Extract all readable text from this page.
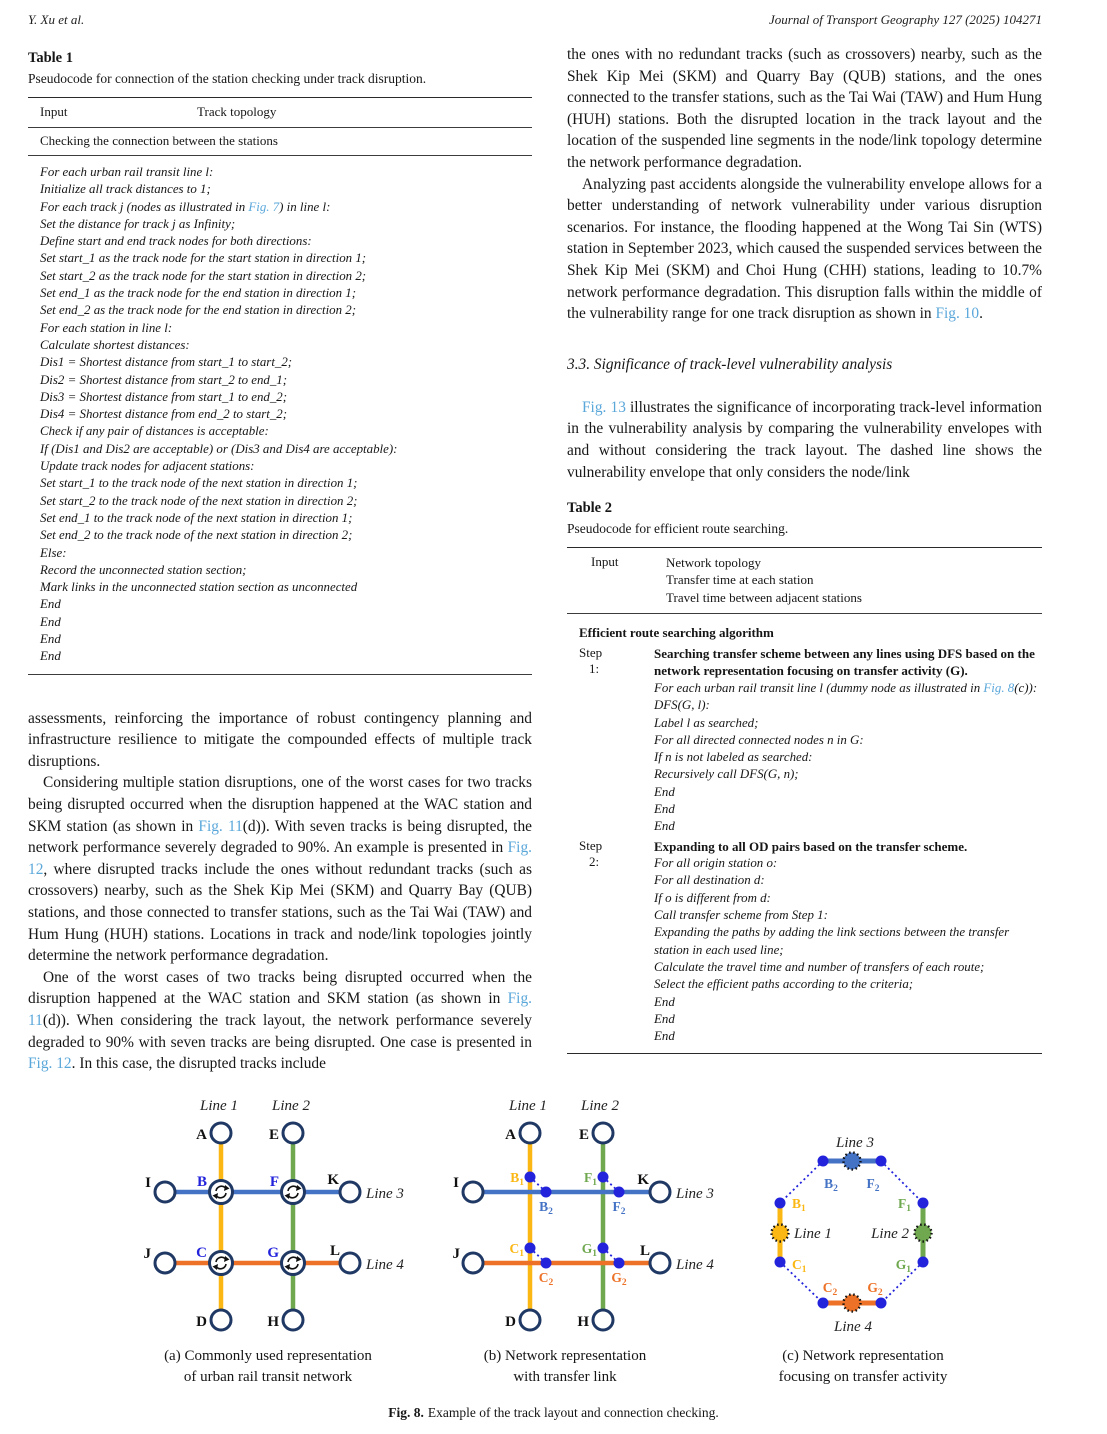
Y. Xu et al.	Journal of Transport Geography 127 (2025) 104271
Table 1
Pseudocode for connection of the station checking under track disruption.
Input	Track topology
Checking the connection between the stations
For each urban rail transit line l:
Initialize all track distances to 1;
For each track j (nodes as illustrated in Fig. 7) in line l:
Set the distance for track j as Infinity;
Define start and end track nodes for both directions:
Set start_1 as the track node for the start station in direction 1;
Set start_2 as the track node for the start station in direction 2;
Set end_1 as the track node for the end station in direction 1;
Set end_2 as the track node for the end station in direction 2;
For each station in line l:
Calculate shortest distances:
Dis1 = Shortest distance from start_1 to start_2;
Dis2 = Shortest distance from start_2 to end_1;
Dis3 = Shortest distance from start_1 to end_2;
Dis4 = Shortest distance from end_2 to start_2;
Check if any pair of distances is acceptable:
If (Dis1 and Dis2 are acceptable) or (Dis3 and Dis4 are acceptable):
Update track nodes for adjacent stations:
Set start_1 to the track node of the next station in direction 1;
Set start_2 to the track node of the next station in direction 2;
Set end_1 to the track node of the next station in direction 1;
Set end_2 to the track node of the next station in direction 2;
Else:
Record the unconnected station section;
Mark links in the unconnected station section as unconnected
End
End
End
End

assessments, reinforcing the importance of robust contingency planning and infrastructure resilience to mitigate the compounded effects of multiple track disruptions.

Considering multiple station disruptions, one of the worst cases for two tracks being disrupted occurred when the disruption happened at the WAC station and SKM station (as shown in Fig. 11(d)). With seven tracks is being disrupted, the network performance severely degraded to 90%. An example is presented in Fig. 12, where disrupted tracks include the ones without redundant tracks (such as crossovers) nearby, such as the Shek Kip Mei (SKM) and Quarry Bay (QUB) stations, and those connected to transfer stations, such as the Tai Wai (TAW) and Hum Hung (HUH) stations. Locations in track and node/link topologies jointly determine the network performance degradation.

One of the worst cases of two tracks being disrupted occurred when the disruption happened at the WAC station and SKM station (as shown in Fig. 11(d)). When considering the track layout, the network performance severely degraded to 90% with seven tracks are being disrupted. One case is presented in Fig. 12. In this case, the disrupted tracks include

the ones with no redundant tracks (such as crossovers) nearby, such as the Shek Kip Mei (SKM) and Quarry Bay (QUB) stations, and the ones connected to the transfer stations, such as the Tai Wai (TAW) and Hum Hung (HUH) stations. Both the disrupted location in the track layout and the location of the suspended line segments in the node/link topology determine the network performance degradation.

Analyzing past accidents alongside the vulnerability envelope allows for a better understanding of network vulnerability under various disruption scenarios. For instance, the flooding happened at the Wong Tai Sin (WTS) station in September 2023, which caused the suspended services between the Shek Kip Mei (SKM) and Choi Hung (CHH) stations, leading to 10.7% network performance degradation. This disruption falls within the middle of the vulnerability range for one track disruption as shown in Fig. 10.

3.3. Significance of track-level vulnerability analysis

Fig. 13 illustrates the significance of incorporating track-level information in the vulnerability analysis by comparing the vulnerability envelopes with and without considering the track layout. The dashed line shows the vulnerability envelope that only considers the node/link

Table 2
Pseudocode for efficient route searching.
Input	Network topology
Transfer time at each station
Travel time between adjacent stations
Efficient route searching algorithm
Step
1:
Searching transfer scheme between any lines using DFS based on the network representation focusing on transfer activity (G).
For each urban rail transit line l (dummy node as illustrated in Fig. 8(c)):
DFS(G, l):
Label l as searched;
For all directed connected nodes n in G:
If n is not labeled as searched:
Recursively call DFS(G, n);
End
End
End
Step
2:
Expanding to all OD pairs based on the transfer scheme.
For all origin station o:
For all destination d:
If o is different from d:
Call transfer scheme from Step 1:
Expanding the paths by adding the link sections between the transfer station in each used line;
Calculate the travel time and number of transfers of each route;
Select the efficient paths according to the criteria;
End
End
End
Line 1 Line 2
Line 3
Line 4
A	E
I	K
J	L
D	H
B	F
C	G
Line 1 Line 2
Line 3
Line 4
A	E
I	K
J	L
D	H
$B_1$
$B_2$
$F_1$
$F_2$
$C_1$
$C_2$
$G_1$
$G_2$
Line 3
Line 1	Line 2
Line 4
$B_2$ $F_2$
$B_1$	$F_1$
$C_1$	$G_1$
$C_2$ $G_2$
(a) Commonly used representation
of urban rail transit network
(b) Network representation
with transfer link
(c) Network representation
focusing on transfer activity
Fig. 8. Example of the track layout and connection checking.
